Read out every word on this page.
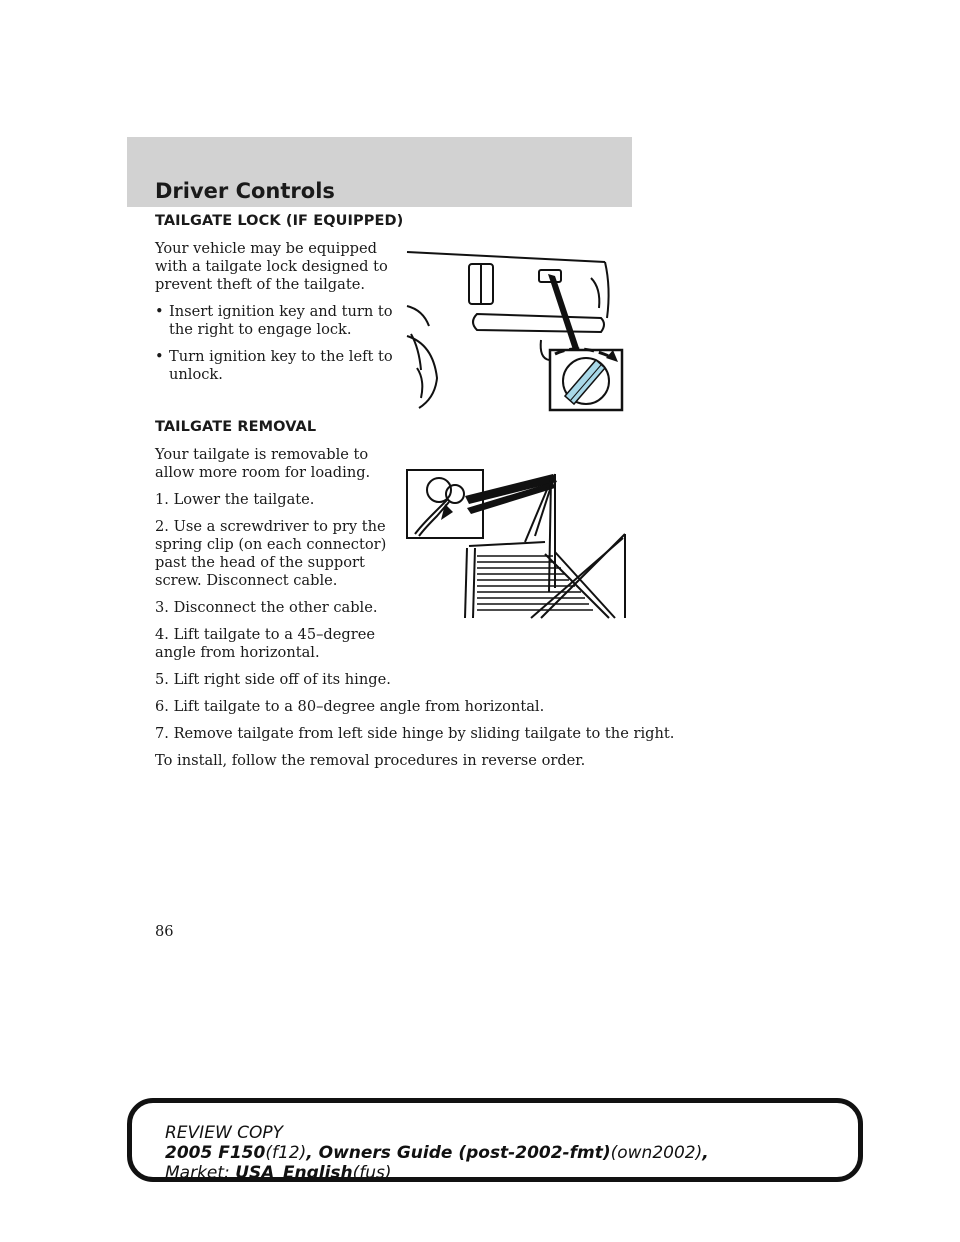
Driver Controls
TAILGATE LOCK (IF EQUIPPED)
Your vehicle may be equipped with a tailgate lock designed to prevent theft of the tailgate.
• Insert ignition key and turn to the right to engage lock.
• Turn ignition key to the left to unlock.
TAILGATE REMOVAL
Your tailgate is removable to allow more room for loading.
1. Lower the tailgate.
2. Use a screwdriver to pry the spring clip (on each connector) past the head of the support screw. Disconnect cable.
3. Disconnect the other cable.
4. Lift tailgate to a 45–degree angle from horizontal.
5. Lift right side off of its hinge.
6. Lift tailgate to a 80–degree angle from horizontal.
7. Remove tailgate from left side hinge by sliding tailgate to the right.
To install, follow the removal procedures in reverse order.
86
REVIEW COPY
2005 F150(f12), Owners Guide (post-2002-fmt)(own2002),
Market: USA_English(fus)
